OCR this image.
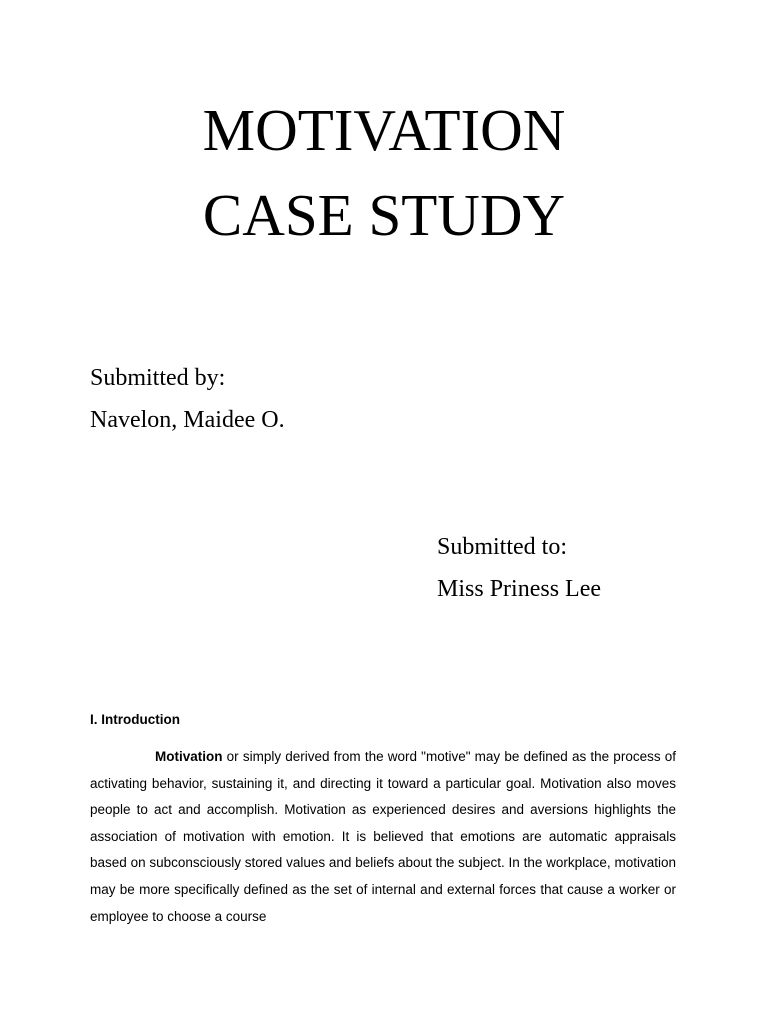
MOTIVATION
CASE STUDY
Submitted by:
Navelon, Maidee O.
Submitted to:
Miss Priness Lee
I. Introduction

Motivation or simply derived from the word "motive" may be defined as the process of activating behavior, sustaining it, and directing it toward a particular goal. Motivation also moves people to act and accomplish. Motivation as experienced desires and aversions highlights the association of motivation with emotion. It is believed that emotions are automatic appraisals based on subconsciously stored values and beliefs about the subject. In the workplace, motivation may be more specifically defined as the set of internal and external forces that cause a worker or employee to choose a course
